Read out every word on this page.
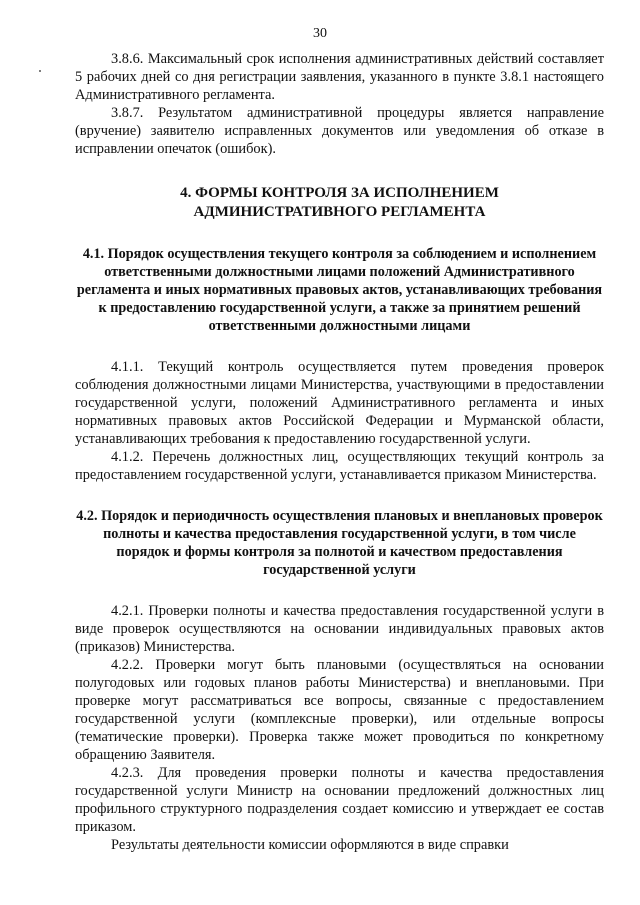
30

3.8.6. Максимальный срок исполнения административных действий составляет 5 рабочих дней со дня регистрации заявления, указанного в пункте 3.8.1 настоящего Административного регламента.

3.8.7. Результатом административной процедуры является направление (вручение) заявителю исправленных документов или уведомления об отказе в исправлении опечаток (ошибок).

4. ФОРМЫ КОНТРОЛЯ ЗА ИСПОЛНЕНИЕМ
АДМИНИСТРАТИВНОГО РЕГЛАМЕНТА
4.1. Порядок осуществления текущего контроля за соблюдением и исполнением ответственными должностными лицами положений Административного регламента и иных нормативных правовых актов, устанавливающих требования к предоставлению государственной услуги, а также за принятием решений ответственными должностными лицами

4.1.1. Текущий контроль осуществляется путем проведения проверок соблюдения должностными лицами Министерства, участвующими в предоставлении государственной услуги, положений Административного регламента и иных нормативных правовых актов Российской Федерации и Мурманской области, устанавливающих требования к предоставлению государственной услуги.

4.1.2. Перечень должностных лиц, осуществляющих текущий контроль за предоставлением государственной услуги, устанавливается приказом Министерства.

4.2. Порядок и периодичность осуществления плановых и внеплановых проверок полноты и качества предоставления государственной услуги, в том числе порядок и формы контроля за полнотой и качеством предоставления государственной услуги

4.2.1. Проверки полноты и качества предоставления государственной услуги в виде проверок осуществляются на основании индивидуальных правовых актов (приказов) Министерства.

4.2.2. Проверки могут быть плановыми (осуществляться на основании полугодовых или годовых планов работы Министерства) и внеплановыми. При проверке могут рассматриваться все вопросы, связанные с предоставлением государственной услуги (комплексные проверки), или отдельные вопросы (тематические проверки). Проверка также может проводиться по конкретному обращению Заявителя.

4.2.3. Для проведения проверки полноты и качества предоставления государственной услуги Министр на основании предложений должностных лиц профильного структурного подразделения создает комиссию и утверждает ее состав приказом.

Результаты деятельности комиссии оформляются в виде справки
